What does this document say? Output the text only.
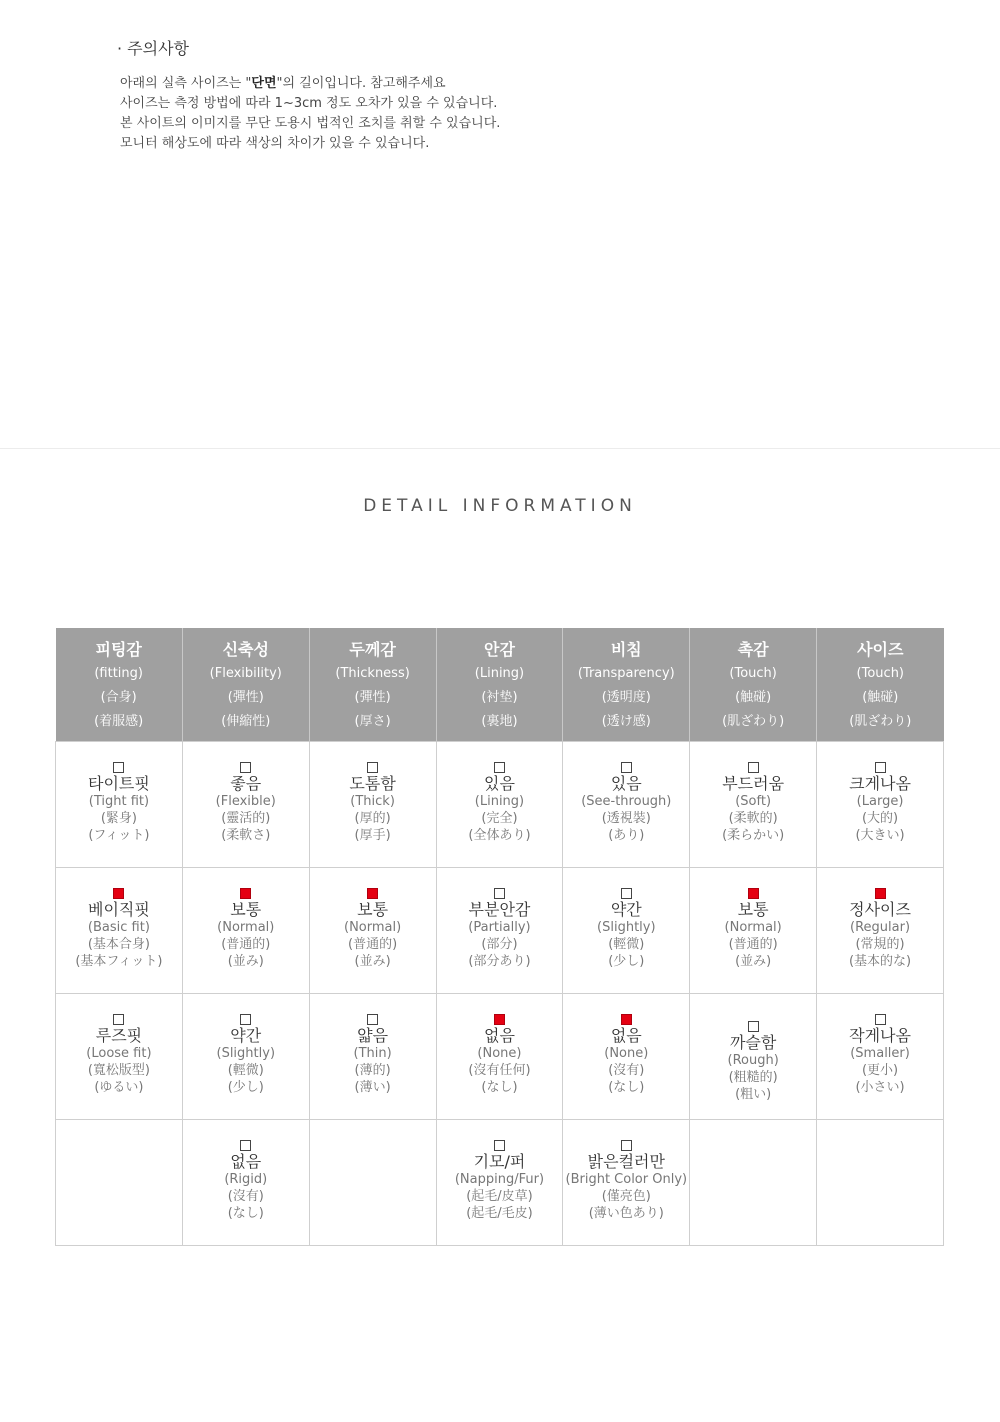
· 주의사항
아래의 실측 사이즈는 "단면"의 길이입니다. 참고해주세요
사이즈는 측정 방법에 따라 1~3cm 정도 오차가 있을 수 있습니다.
본 사이트의 이미지를 무단 도용시 법적인 조치를 취할 수 있습니다.
모니터 해상도에 따라 색상의 차이가 있을 수 있습니다.
DETAIL INFORMATION
피팅감
(fitting)
(合身)
(着服感)	신축성
(Flexibility)
(彈性)
(伸縮性)	두께감
(Thickness)
(彈性)
(厚さ)	안감
(Lining)
(衬垫)
(裏地)	비침
(Transparency)
(透明度)
(透け感)	촉감
(Touch)
(触碰)
(肌ざわり)	사이즈
(Touch)
(触碰)
(肌ざわり)

타이트핏
(Tight fit)
(緊身)
(フィット)	좋음
(Flexible)
(靈活的)
(柔軟さ)	도톰함
(Thick)
(厚的)
(厚手)	있음
(Lining)
(完全)
(全体あり)	있음
(See-through)
(透視裝)
(あり)	부드러움
(Soft)
(柔軟的)
(柔らかい)	크게나옴
(Large)
(大的)
(大きい)

베이직핏
(Basic fit)
(基本合身)
(基本フィット)	보통
(Normal)
(普通的)
(並み)	보통
(Normal)
(普通的)
(並み)	부분안감
(Partially)
(部分)
(部分あり)	약간
(Slightly)
(輕微)
(少し)	보통
(Normal)
(普通的)
(並み)	정사이즈
(Regular)
(常規的)
(基本的な)

루즈핏
(Loose fit)
(寬松版型)
(ゆるい)	약간
(Slightly)
(輕微)
(少し)	얇음
(Thin)
(薄的)
(薄い)	없음
(None)
(沒有任何)
(なし)	없음
(None)
(沒有)
(なし)	까슬함
(Rough)
(粗糙的)
(粗い)	작게나옴
(Smaller)
(更小)
(小さい)

	없음
(Rigid)
(沒有)
(なし)		기모/퍼
(Napping/Fur)
(起毛/皮草)
(起毛/毛皮)	밝은컬러만
(Bright Color Only)
(僅亮色)
(薄い色あり)		
